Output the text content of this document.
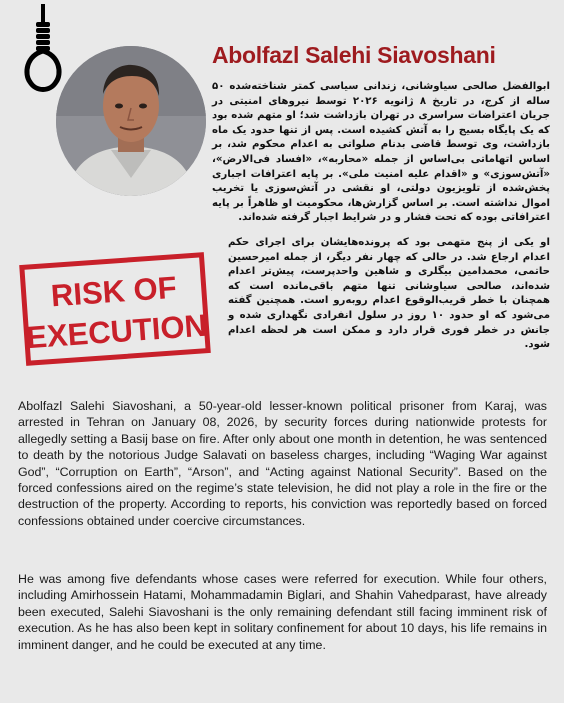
Abolfazl Salehi Siavoshani
RISK OF
EXECUTION
ابوالفضل صالحی سیاوشانی، زندانی سیاسی کمتر شناخته‌شده ۵۰ ساله از کرج، در تاریخ ۸ ژانویه ۲۰۲۶ توسط نیروهای امنیتی در جریان اعتراضات سراسری در تهران بازداشت شد؛ او متهم شده بود که یک پایگاه بسیج را به آتش کشیده است. پس از تنها حدود یک ماه بازداشت، وی توسط قاضی بدنام صلواتی به اعدام محکوم شد، بر اساس اتهاماتی بی‌اساس از جمله «محاربه»، «افساد فی‌الارض»، «آتش‌سوزی» و «اقدام علیه امنیت ملی». بر پایه اعترافات اجباری پخش‌شده از تلویزیون دولتی، او نقشی در آتش‌سوزی یا تخریب اموال نداشته است. بر اساس گزارش‌ها، محکومیت او ظاهراً بر پایه اعترافاتی بوده که تحت فشار و در شرایط اجبار گرفته شده‌اند.
او یکی از پنج متهمی بود که پرونده‌هایشان برای اجرای حکم اعدام ارجاع شد. در حالی که چهار نفر دیگر، از جمله امیرحسین حاتمی، محمدامین بیگلری و شاهین واحدپرست، پیش‌تر اعدام شده‌اند، صالحی سیاوشانی تنها متهم باقی‌مانده است که همچنان با خطر قریب‌الوقوع اعدام روبه‌رو است. همچنین گفته می‌شود که او حدود ۱۰ روز در سلول انفرادی نگهداری شده و جانش در خطر فوری قرار دارد و ممکن است هر لحظه اعدام شود.
Abolfazl Salehi Siavoshani, a 50-year-old lesser-known political prisoner from Karaj, was arrested in Tehran on January 08, 2026, by security forces during nationwide protests for allegedly setting a Basij base on fire. After only about one month in detention, he was sentenced to death by the notorious Judge Salavati on baseless charges, including “Waging War against God”, “Corruption on Earth”, “Arson”, and “Acting against National Security”. Based on the forced confessions aired on the regime’s state television, he did not play a role in the fire or the destruction of the property. According to reports, his conviction was reportedly based on forced confessions obtained under coercive circumstances.
He was among five defendants whose cases were referred for execution. While four others, including Amirhossein Hatami, Mohammadamin Biglari, and Shahin Vahedparast, have already been executed, Salehi Siavoshani is the only remaining defendant still facing imminent risk of execution. As he has also been kept in solitary confinement for about 10 days, his life remains in imminent danger, and he could be executed at any time.
